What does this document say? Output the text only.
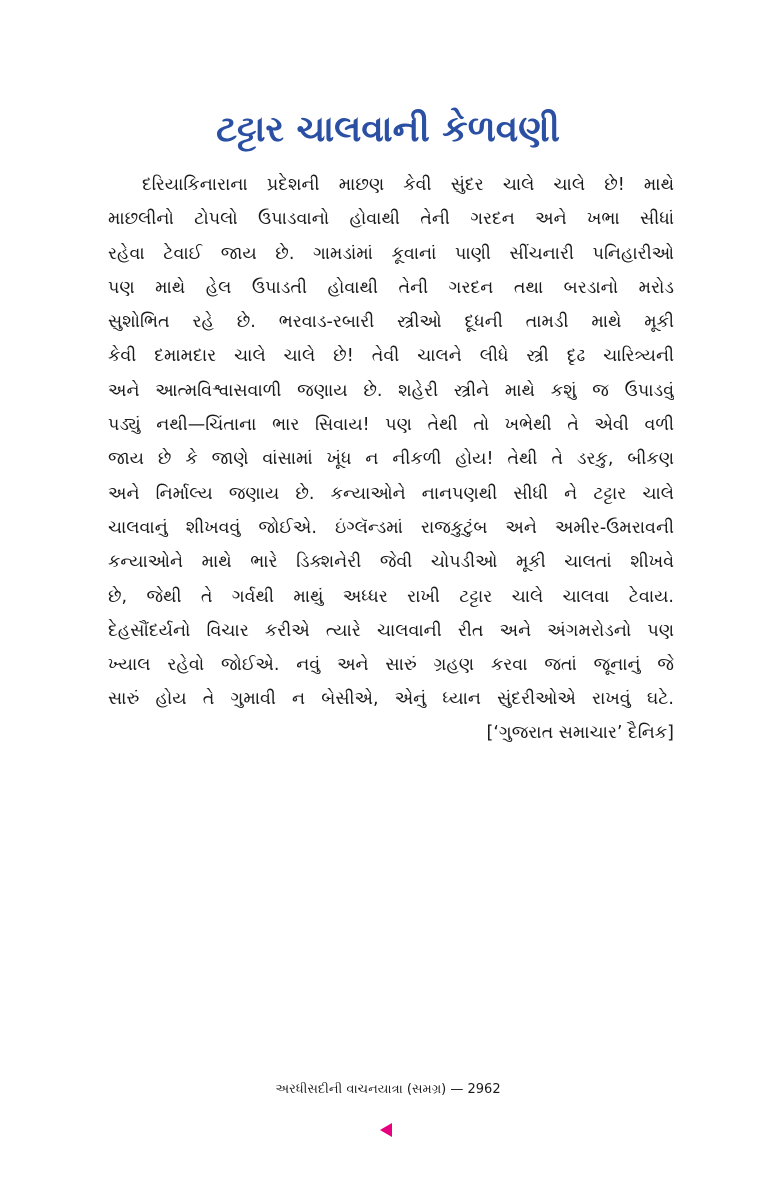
ટટ્ટાર ચાલવાની કેળવણી
દરિયાકિનારાના પ્રદેશની માછણ કેવી સુંદર ચાલે ચાલે છે! માથે
માછલીનો ટોપલો ઉપાડવાનો હોવાથી તેની ગરદન અને ખભા સીધાં
રહેવા ટેવાઈ જાય છે. ગામડાંમાં કૂવાનાં પાણી સીંચનારી પનિહારીઓ
પણ માથે હેલ ઉપાડતી હોવાથી તેની ગરદન તથા બરડાનો મરોડ
સુશોભિત રહે છે. ભરવાડ-રબારી સ્ત્રીઓ દૂધની તામડી માથે મૂકી
કેવી દમામદાર ચાલે ચાલે છે! તેવી ચાલને લીધે સ્ત્રી દૃઢ ચારિત્ર્યની
અને આત્મવિશ્વાસવાળી જણાય છે. શહેરી સ્ત્રીને માથે કશું જ ઉપાડવું
પડ્યું નથી—ચિંતાના ભાર સિવાય! પણ તેથી તો ખભેથી તે એવી વળી
જાય છે કે જાણે વાંસામાં ખૂંધ ન નીકળી હોય! તેથી તે ડરકુ, બીકણ
અને નિર્માલ્ય જણાય છે. કન્યાઓને નાનપણથી સીધી ને ટટ્ટાર ચાલે
ચાલવાનું શીખવવું જોઈએ. ઇંગ્લૅન્ડમાં રાજકુટુંબ અને અમીર-ઉમરાવની
કન્યાઓને માથે ભારે ડિક્શનેરી જેવી ચોપડીઓ મૂકી ચાલતાં શીખવે
છે, જેથી તે ગર્વથી માથું અધ્ધર રાખી ટટ્ટાર ચાલે ચાલવા ટેવાય.
દેહસૌંદર્યનો વિચાર કરીએ ત્યારે ચાલવાની રીત અને અંગમરોડનો પણ
ખ્યાલ રહેવો જોઈએ. નવું અને સારું ગ્રહણ કરવા જતાં જૂનાનું જે
સારું હોય તે ગુમાવી ન બેસીએ, એનું ધ્યાન સુંદરીઓએ રાખવું ઘટે.

[‘ગુજરાત સમાચાર’ દૈનિક]

અરધીસદીની વાચનયાત્રા (સમગ્ર) — 2962
